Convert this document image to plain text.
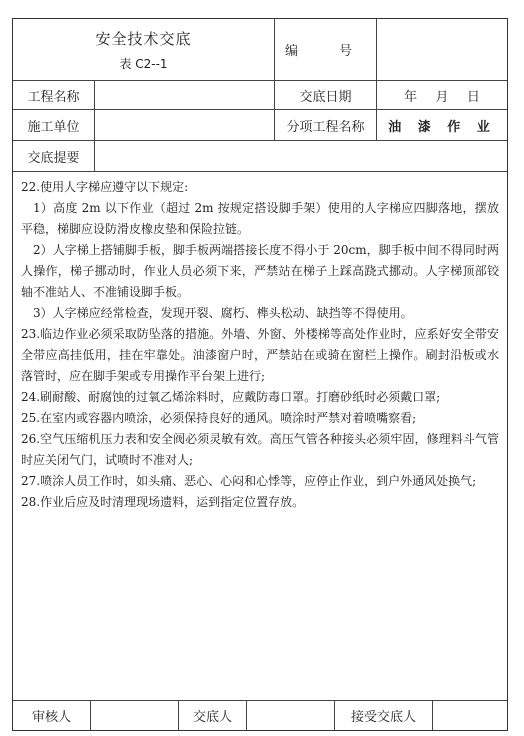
安全技术交底
表 C2--1
编　号
工程名称	交底日期	年 月 日
施工单位	分项工程名称	油 漆 作 业
交底提要

22.使用人字梯应遵守以下规定:

1）高度 2m 以下作业（超过 2m 按规定搭设脚手架）使用的人字梯应四脚落地，摆放平稳，梯脚应设防滑皮橡皮垫和保险拉链。

2）人字梯上搭铺脚手板，脚手板两端搭接长度不得小于 20cm，脚手板中间不得同时两人操作，梯子挪动时，作业人员必须下来，严禁站在梯子上踩高跷式挪动。人字梯顶部铰轴不准站人、不准铺设脚手板。

3）人字梯应经常检查，发现开裂、腐朽、榫头松动、缺挡等不得使用。

23.临边作业必须采取防坠落的措施。外墙、外窗、外楼梯等高处作业时，应系好安全带安全带应高挂低用，挂在牢靠处。油漆窗户时，严禁站在或骑在窗栏上操作。刷封沿板或水落管时，应在脚手架或专用操作平台架上进行;

24.刷耐酸、耐腐蚀的过氧乙烯涂料时，应戴防毒口罩。打磨砂纸时必须戴口罩;

25.在室内或容器内喷涂，必须保持良好的通风。喷涂时严禁对着喷嘴察看;

26.空气压缩机压力表和安全阀必须灵敏有效。高压气管各种接头必须牢固，修理料斗气管时应关闭气门，试喷时不准对人;

27.喷涂人员工作时，如头痛、恶心、心闷和心悸等，应停止作业，到户外通风处换气;

28.作业后应及时清理现场遗料，运到指定位置存放。

审核人	交底人	接受交底人
